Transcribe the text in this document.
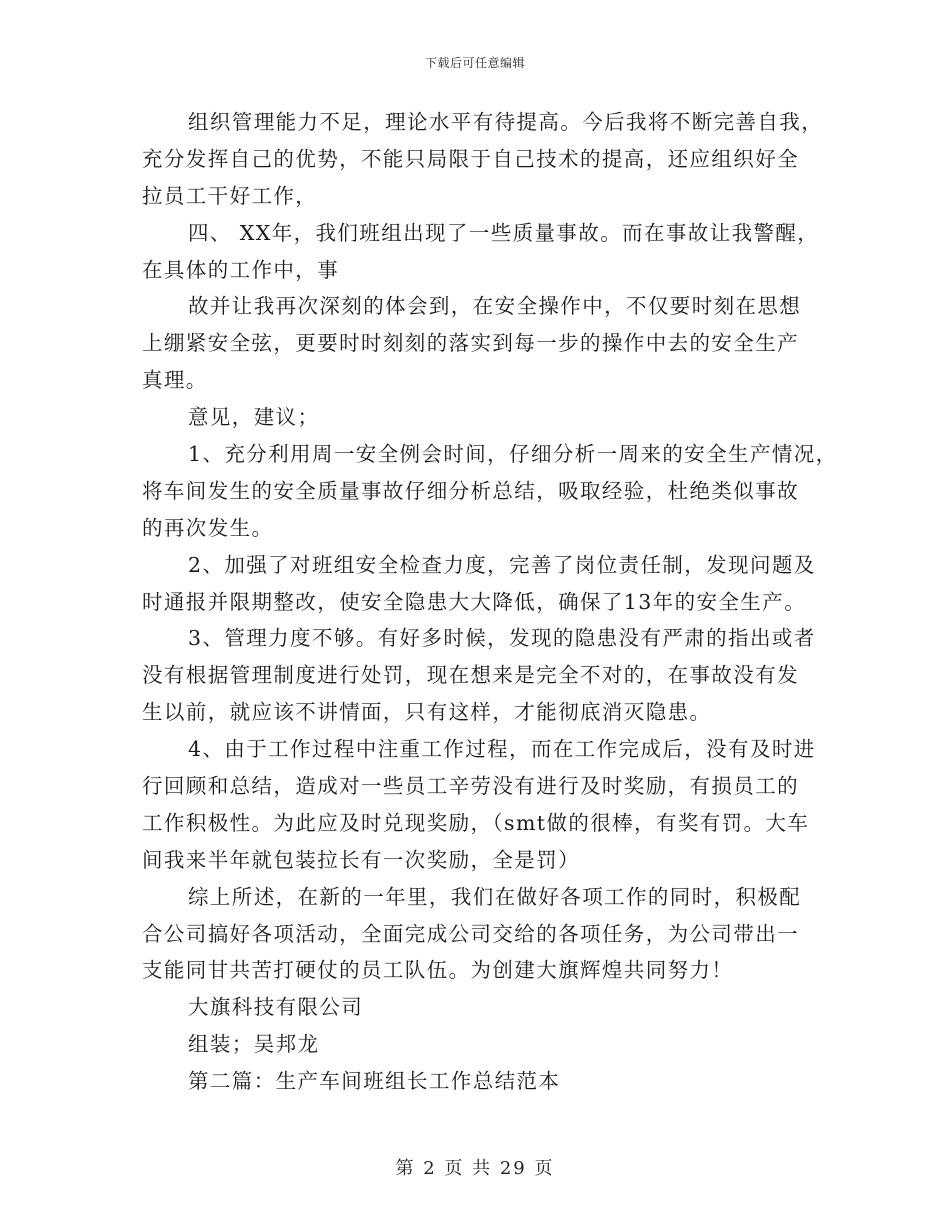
下载后可任意编辑
组织管理能力不足，理论水平有待提高。今后我将不断完善自我，
充分发挥自己的优势，不能只局限于自己技术的提高，还应组织好全
拉员工干好工作，
四、 XX年，我们班组出现了一些质量事故。而在事故让我警醒，
在具体的工作中，事
故并让我再次深刻的体会到，在安全操作中，不仅要时刻在思想
上绷紧安全弦，更要时时刻刻的落实到每一步的操作中去的安全生产
真理。
意见，建议；
1、充分利用周一安全例会时间，仔细分析一周来的安全生产情况，
将车间发生的安全质量事故仔细分析总结，吸取经验，杜绝类似事故
的再次发生。
2、加强了对班组安全检查力度，完善了岗位责任制，发现问题及
时通报并限期整改，使安全隐患大大降低，确保了13年的安全生产。
3、管理力度不够。有好多时候，发现的隐患没有严肃的指出或者
没有根据管理制度进行处罚，现在想来是完全不对的，在事故没有发
生以前，就应该不讲情面，只有这样，才能彻底消灭隐患。
4、由于工作过程中注重工作过程，而在工作完成后，没有及时进
行回顾和总结，造成对一些员工辛劳没有进行及时奖励，有损员工的
工作积极性。为此应及时兑现奖励，（smt做的很棒，有奖有罚。大车
间我来半年就包装拉长有一次奖励，全是罚）
综上所述，在新的一年里，我们在做好各项工作的同时，积极配
合公司搞好各项活动，全面完成公司交给的各项任务，为公司带出一
支能同甘共苦打硬仗的员工队伍。为创建大旗辉煌共同努力！
大旗科技有限公司
组装；吴邦龙
第二篇：生产车间班组长工作总结范本
第 2 页 共 29 页
